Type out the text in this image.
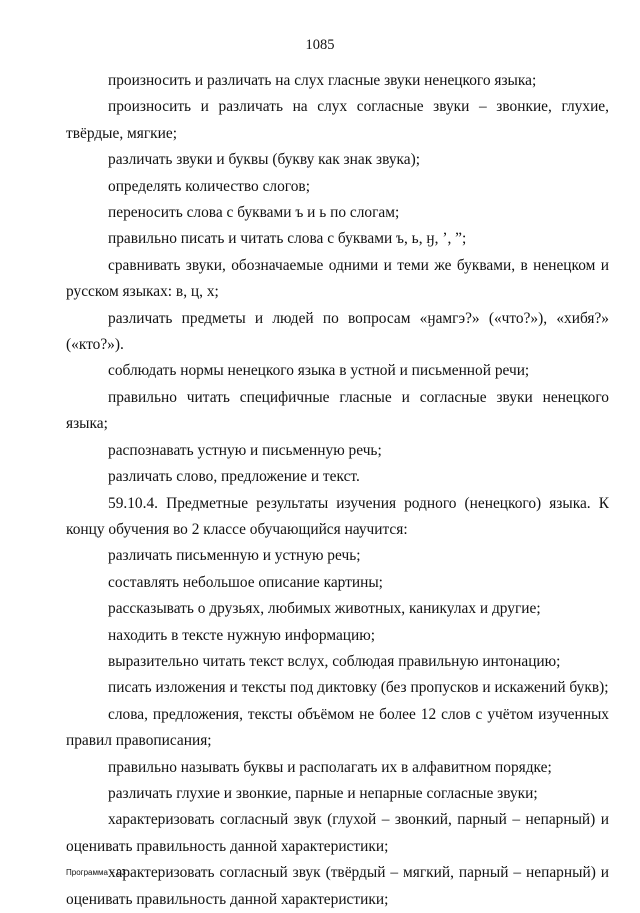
1085

произносить и различать на слух гласные звуки ненецкого языка;

произносить и различать на слух согласные звуки – звонкие, глухие, твёрдые, мягкие;

различать звуки и буквы (букву как знак звука);

определять количество слогов;

переносить слова с буквами ъ и ь по слогам;

правильно писать и читать слова с буквами ъ, ь, ӈ, ’, ”;

сравнивать звуки, обозначаемые одними и теми же буквами, в ненецком и русском языках: в, ц, х;

различать предметы и людей по вопросам «ӈамгэ?» («что?»), «хибя?» («кто?»).

соблюдать нормы ненецкого языка в устной и письменной речи;

правильно читать специфичные гласные и согласные звуки ненецкого языка;

распознавать устную и письменную речь;

различать слово, предложение и текст.

59.10.4. Предметные результаты изучения родного (ненецкого) языка. К концу обучения во 2 классе обучающийся научится:

различать письменную и устную речь;

составлять небольшое описание картины;

рассказывать о друзьях, любимых животных, каникулах и другие;

находить в тексте нужную информацию;

выразительно читать текст вслух, соблюдая правильную интонацию;

писать изложения и тексты под диктовку (без пропусков и искажений букв);

слова, предложения, тексты объёмом не более 12 слов с учётом изученных правил правописания;

правильно называть буквы и располагать их в алфавитном порядке;

различать глухие и звонкие, парные и непарные согласные звуки;

характеризовать согласный звук (глухой – звонкий, парный – непарный) и оценивать правильность данной характеристики;

характеризовать согласный звук (твёрдый – мягкий, парный – непарный) и оценивать правильность данной характеристики;

Программа – 03
